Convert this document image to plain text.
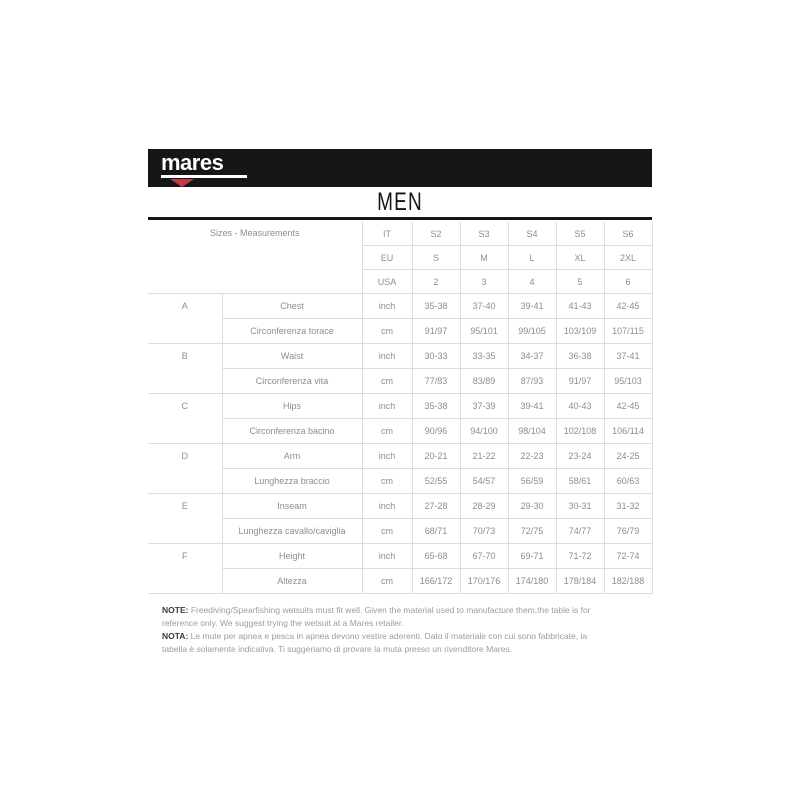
mares
MEN
Sizes - Measurements		IT	S2	S3	S4	S5	S6
		EU	S	M	L	XL	2XL
		USA	2	3	4	5	6
A	Chest	inch	35-38	37-40	39-41	41-43	42-45
	Circonferenza torace	cm	91/97	95/101	99/105	103/109	107/115
B	Waist	inch	30-33	33-35	34-37	36-38	37-41
	Circonferenza vita	cm	77/83	83/89	87/93	91/97	95/103
C	Hips	inch	35-38	37-39	39-41	40-43	42-45
	Circonferenza bacino	cm	90/96	94/100	98/104	102/108	106/114
D	Arm	inch	20-21	21-22	22-23	23-24	24-25
	Lunghezza braccio	cm	52/55	54/57	56/59	58/61	60/63
E	Inseam	inch	27-28	28-29	29-30	30-31	31-32
	Lunghezza cavallo/caviglia	cm	68/71	70/73	72/75	74/77	76/79
F	Height	inch	65-68	67-70	69-71	71-72	72-74
	Altezza	cm	166/172	170/176	174/180	178/184	182/188
NOTE: Freediving/Spearfishing wetsuits must fit well. Given the material used to manufacture them,the table is for reference only. We suggest trying the wetsuit at a Mares retailer.
NOTA: Le mute per apnea e pesca in apnea devono vestire aderenti. Dato il materiale con cui sono fabbricate, la tabella è solamente indicativa. Ti suggeriamo di provare la muta presso un rivenditore Mares.
